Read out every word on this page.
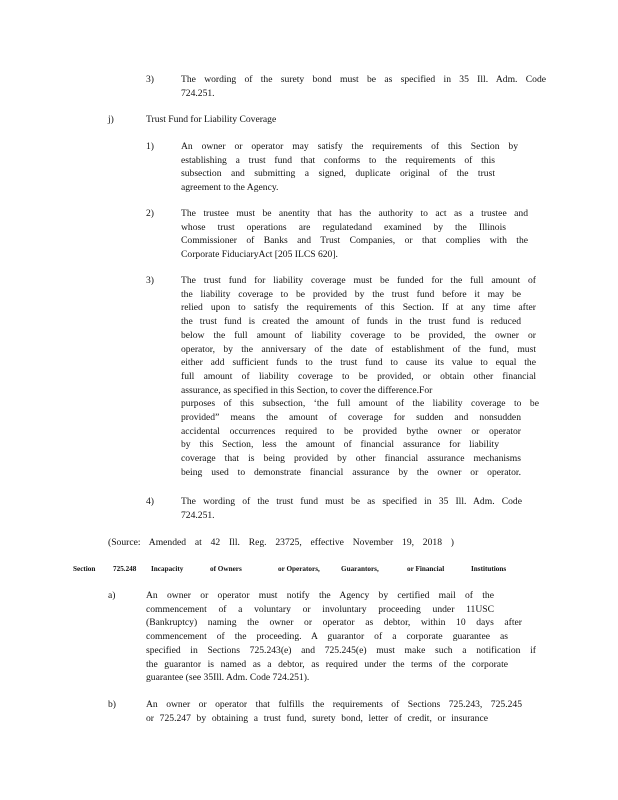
3)	The wording of the surety bond must be as specified in 35 Ill. Adm. Code
724.251.
j)	Trust Fund for Liability Coverage
1)	An owner or operator may satisfy the requirements of this Section by
establishing a trust fund that conforms to the requirements of this
subsection and submitting a signed, duplicate original of the trust
agreement to the Agency.
2)	The trustee must be anentity that has the authority to act as a trustee and
whose trust operations are regulatedand examined by the Illinois
Commissioner of Banks and Trust Companies, or that complies with the
Corporate FiduciaryAct [205 ILCS 620].
3)	The trust fund for liability coverage must be funded for the full amount of
the liability coverage to be provided by the trust fund before it may be
relied upon to satisfy the requirements of this Section. If at any time after
the trust fund is created the amount of funds in the trust fund is reduced
below the full amount of liability coverage to be provided, the owner or
operator, by the anniversary of the date of establishment of the fund, must
either add sufficient funds to the trust fund to cause its value to equal the
full amount of liability coverage to be provided, or obtain other financial
assurance, as specified in this Section, to cover the difference.For
purposes of this subsection, ‘the full amount of the liability coverage to be
provided” means the amount of coverage for sudden and nonsudden
accidental occurrences required to be provided bythe owner or operator
by this Section, less the amount of financial assurance for liability
coverage that is being provided by other financial assurance mechanisms
being used to demonstrate financial assurance by the owner or operator.
4)	The wording of the trust fund must be as specified in 35 Ill. Adm. Code
724.251.
(Source: Amended at 42 Ill. Reg. 23725, effective November 19, 2018 )
Section 725.248 Incapacity	of Owners	or Operators,	Guarantors,	or Financial	Institutions
a)	An owner or operator must notify the Agency by certified mail of the
commencement of a voluntary or involuntary proceeding under 11USC
(Bankruptcy) naming the owner or operator as debtor, within 10 days after
commencement of the proceeding. A guarantor of a corporate guarantee as
specified in Sections 725.243(e) and 725.245(e) must make such a notification if
the guarantor is named as a debtor, as required under the terms of the corporate
guarantee (see 35Ill. Adm. Code 724.251).
b)	An owner or operator that fulfills the requirements of Sections 725.243, 725.245
or 725.247 by obtaining a trust fund, surety bond, letter of credit, or insurance
